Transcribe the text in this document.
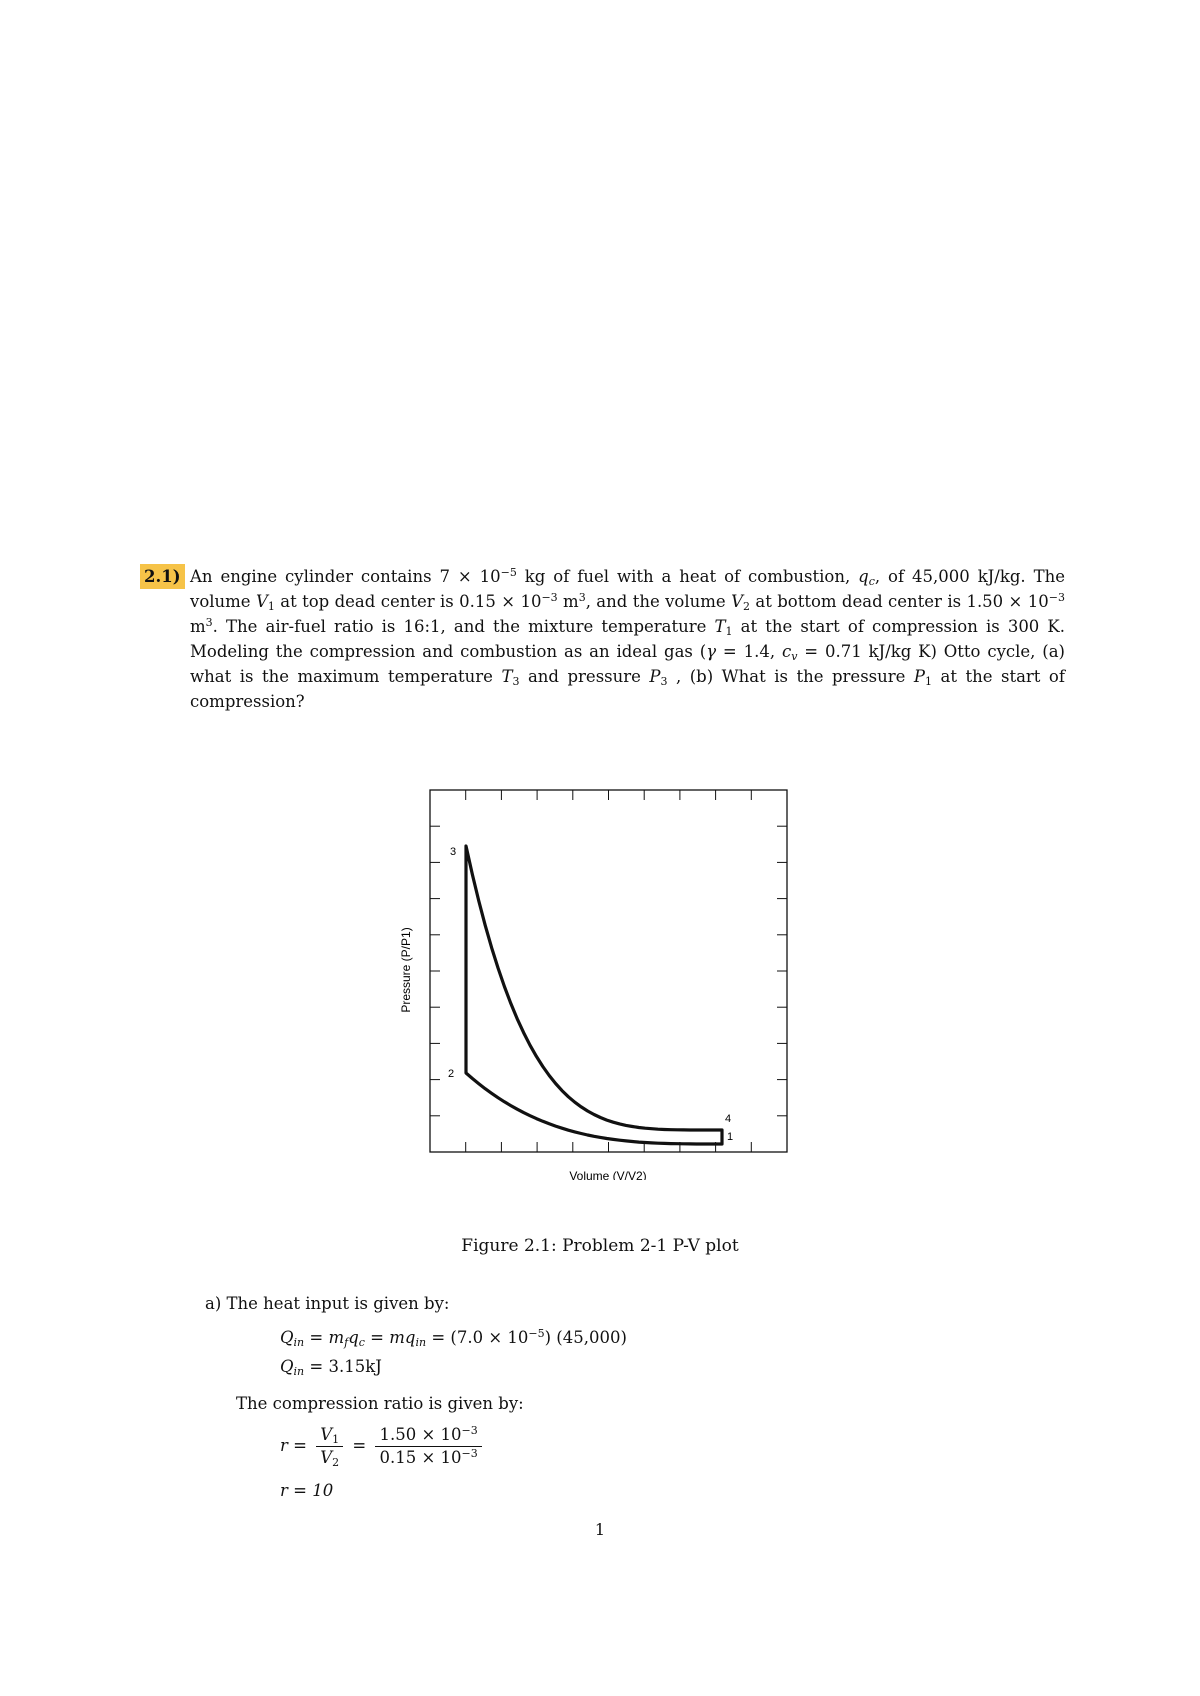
2.1) An engine cylinder contains $7 \times 10^{-5}$ kg of fuel with a heat of combustion, $q_c$, of 45,000 kJ/kg. The volume $V_1$ at top dead center is $0.15 \times 10^{-3}$ $m^3$, and the volume $V_2$ at bottom dead center is $1.50 \times 10^{-3}$ $m^3$. The air-fuel ratio is 16:1, and the mixture temperature $T_1$ at the start of compression is 300 K. Modeling the compression and combustion as an ideal gas (γ = 1.4, $c_v = 0.71$ kJ/kg K) Otto cycle, (a) what is the maximum temperature $T_3$ and pressure $P_3$ , (b) What is the pressure $P_1$ at the start of compression?
1
2
3
4
Pressure (P/P1)
Volume (V/V2)
Figure 2.1: Problem 2-1 P-V plot
a) The heat input is given by:
$Q_{in} = m_fq_c = mq_{in} = (7.0 \times 10^{-5})$ (45,000)
$Q_{in} = 3.15kJ$
The compression ratio is given by:
$r = \frac{V_1}{V_2} = \frac{1.50 \times 10^{-3}}{0.15 \times 10^{-3}}$
r = 10
1
